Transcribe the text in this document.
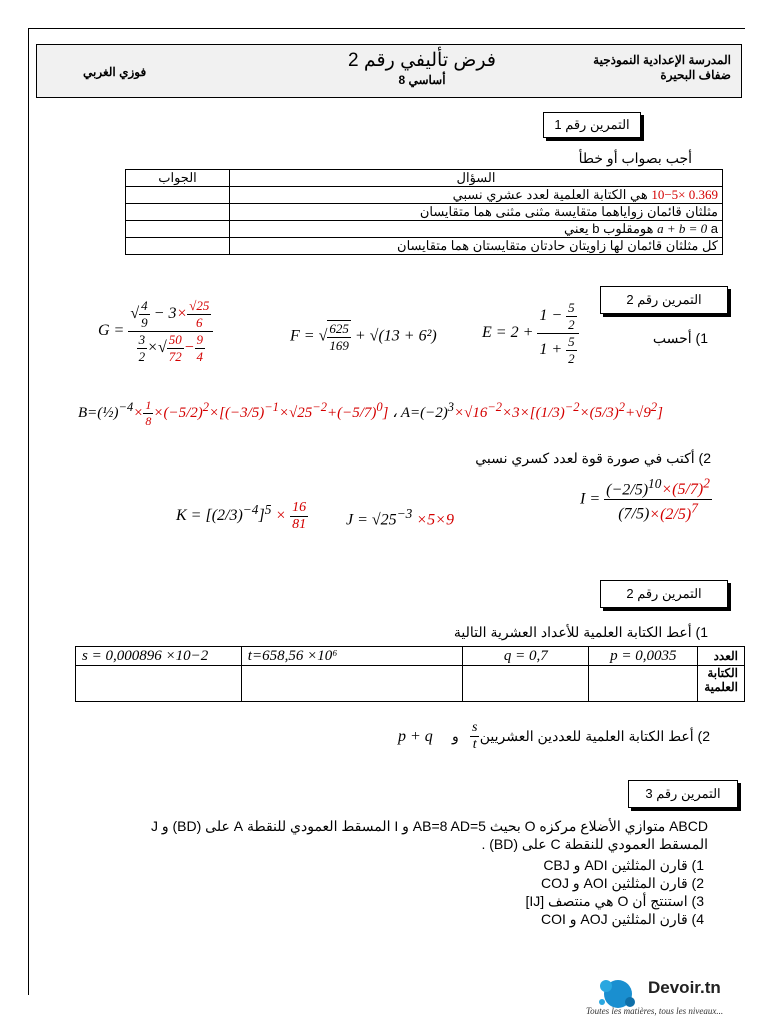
المدرسة الإعدادية النموذجية
ضفاف البحيرة
فرض تأليفي رقم 2
8 أساسي
فوزي الغربي
التمرين رقم 1
أجب بصواب أو خطأ
السؤال	الجواب
0.369 ×10−5 هي الكتابة العلمية لعدد عشري نسبي	
مثلثان قائمان زواياهما متقايسة مثنى مثنى هما متقايسان	
a + b = 0 a هومقلوب b يعني	
كل مثلثان قائمان لها زاويتان حادتان متقايستان هما متقايسان	
التمرين رقم 2
1) أحسب
$E = 2 + \frac{1 - \frac{5}{2}}{1 + \frac{5}{2}}$
F = √ $\frac{625}{169} + √(13 + 6^2)$
$G = \frac{√ \frac{4}{9} - 3\times \frac{√25}{6}}{\frac{3}{2} \times√ \frac{50}{72} - \frac{9}{4}}$
B=(½)$^{-4}$× $\frac{1}{8} \times(-5/2)^2\times[(-3/5)^{-1}\times√25^{-2}+(-5/7)^0]$ ، $A=(-2)^3\times√16^{-2}\times 3\times[(1/3)^{-2}\times(5/3)^2+√9^2]$
2) أكتب في صورة قوة لعدد كسري نسبي
$K = [(2/3)^{-4}]^5 \times \frac{16}{81}$ $J = √25^{-3} \times 5\times 9$
$I = \frac{(-2/5)^{10}\times(5/7)^2}{(7/5)\times(2/5)^7}$
التمرين رقم 2
1) أعط الكتابة العلمية للأعداد العشرية التالية
s = 0,000896 ×10−2	t=658,56 ×10⁶	q = 0,7	p = 0,0035	العدد
				الكتابة العلمية
2) أعط الكتابة العلمية للعددين العشريين
$\frac{s}{t}$
و
p + q
التمرين رقم 3
ABCD متوازي الأضلاع مركزه O بحيث AB=8 AD=5 و I المسقط العمودي للنقطة A على (BD) و J
المسقط العمودي للنقطة C على (BD) .
1) قارن المثلثين ADI و CBJ
2) قارن المثلثين AOI و COJ
3) استنتج أن O هي منتصف [IJ]
4) قارن المثلثين AOJ و COI
Devoir.tn
Toutes les matières, tous les niveaux...
